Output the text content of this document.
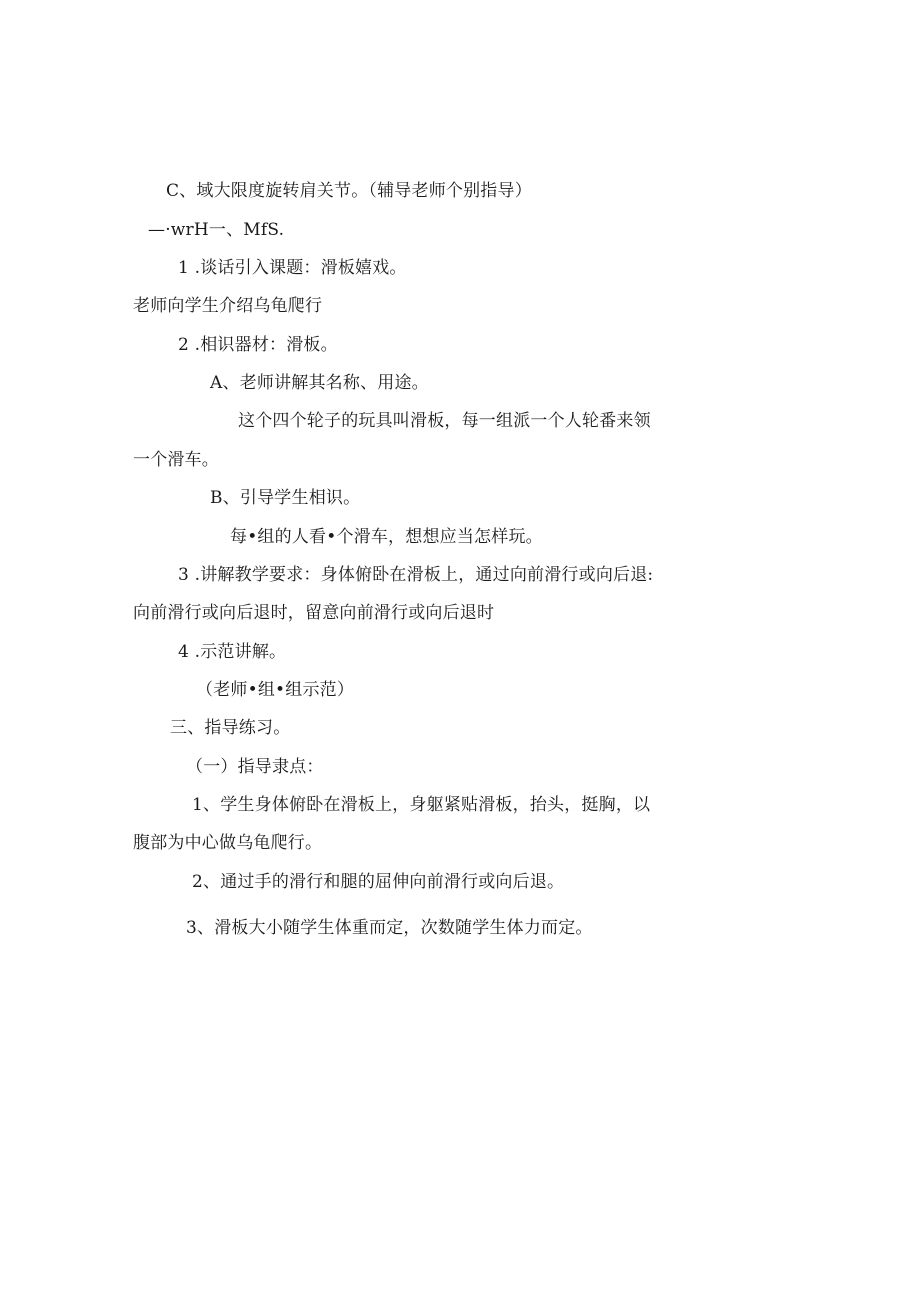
C、域大限度旋转肩关节。（辅导老师个别指导）
—·wrH一、MfS.
1 .谈话引入课题：滑板嬉戏。
老师向学生介绍乌龟爬行
2 .相识器材：滑板。
A、老师讲解其名称、用途。
这个四个轮子的玩具叫滑板，每一组派一个人轮番来领
一个滑车。
B、引导学生相识。
每•组的人看•个滑车，想想应当怎样玩。
3 .讲解教学要求：身体俯卧在滑板上，通过向前滑行或向后退:
向前滑行或向后退时，留意向前滑行或向后退时
4 .示范讲解。
（老师•组•组示范）
三、指导练习。
（一）指导隶点：
1、学生身体俯卧在滑板上，身躯紧贴滑板，抬头，挺胸，以
腹部为中心做乌龟爬行。
2、通过手的滑行和腿的屈伸向前滑行或向后退。
3、滑板大小随学生体重而定，次数随学生体力而定。
